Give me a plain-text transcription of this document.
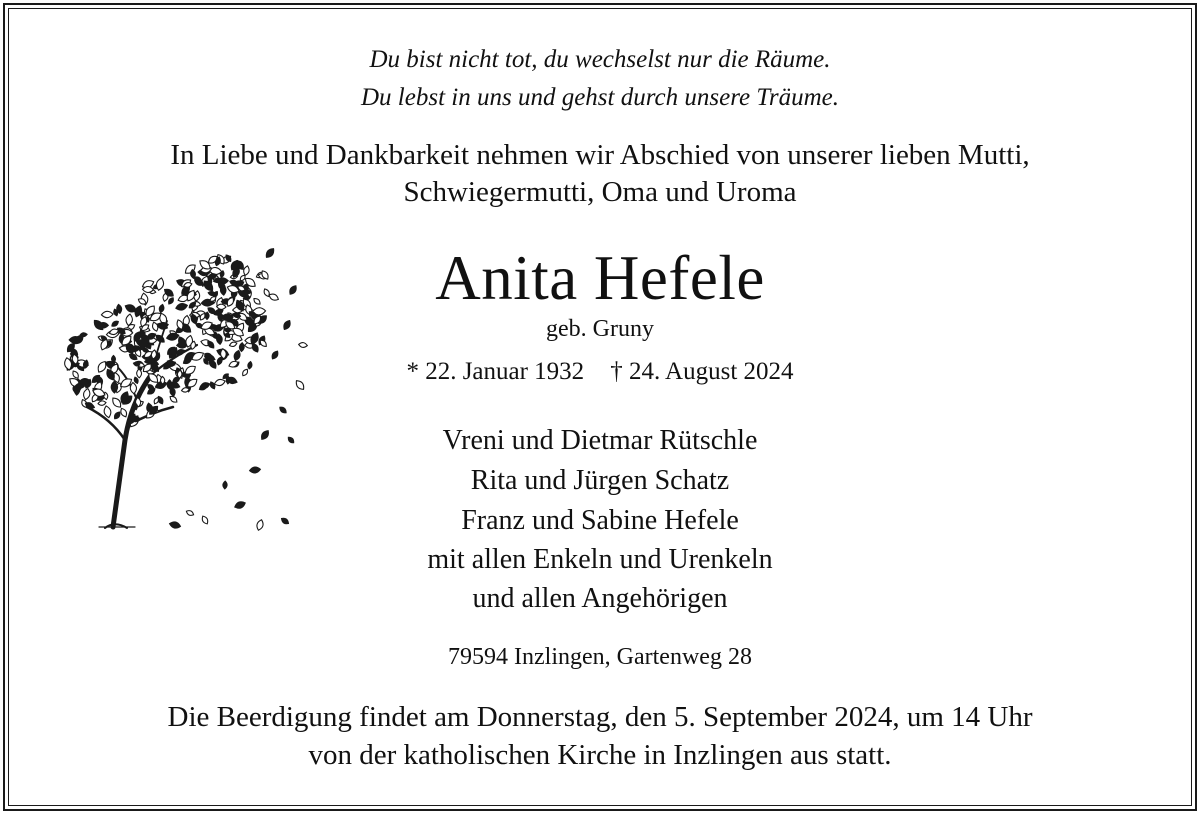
Du bist nicht tot, du wechselst nur die Räume.
Du lebst in uns und gehst durch unsere Träume.
In Liebe und Dankbarkeit nehmen wir Abschied von unserer lieben Mutti,
Schwiegermutti, Oma und Uroma
Anita Hefele
geb. Gruny
* 22. Januar 1932 † 24. August 2024
Vreni und Dietmar Rütschle
Rita und Jürgen Schatz
Franz und Sabine Hefele
mit allen Enkeln und Urenkeln
und allen Angehörigen
79594 Inzlingen, Gartenweg 28
Die Beerdigung findet am Donnerstag, den 5. September 2024, um 14 Uhr
von der katholischen Kirche in Inzlingen aus statt.
